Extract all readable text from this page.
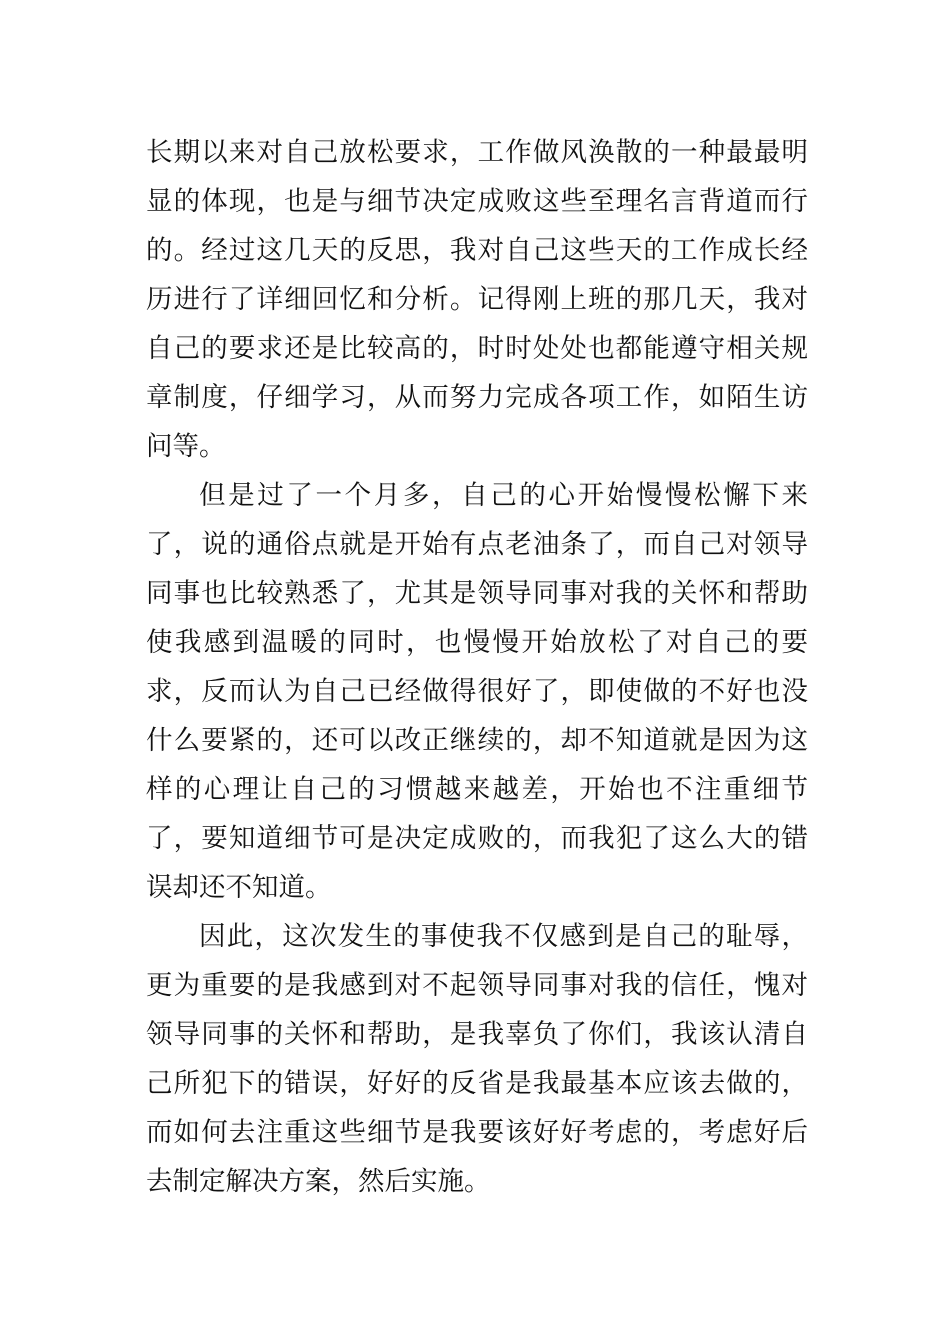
长期以来对自己放松要求，工作做风涣散的一种最最明显的体现，也是与细节决定成败这些至理名言背道而行的。经过这几天的反思，我对自己这些天的工作成长经历进行了详细回忆和分析。记得刚上班的那几天，我对自己的要求还是比较高的，时时处处也都能遵守相关规章制度，仔细学习，从而努力完成各项工作，如陌生访问等。

但是过了一个月多，自己的心开始慢慢松懈下来了，说的通俗点就是开始有点老油条了，而自己对领导同事也比较熟悉了，尤其是领导同事对我的关怀和帮助使我感到温暖的同时，也慢慢开始放松了对自己的要求，反而认为自己已经做得很好了，即使做的不好也没什么要紧的，还可以改正继续的，却不知道就是因为这样的心理让自己的习惯越来越差，开始也不注重细节了，要知道细节可是决定成败的，而我犯了这么大的错误却还不知道。

因此，这次发生的事使我不仅感到是自己的耻辱，更为重要的是我感到对不起领导同事对我的信任，愧对领导同事的关怀和帮助，是我辜负了你们，我该认清自己所犯下的错误，好好的反省是我最基本应该去做的，而如何去注重这些细节是我要该好好考虑的，考虑好后去制定解决方案，然后实施。
